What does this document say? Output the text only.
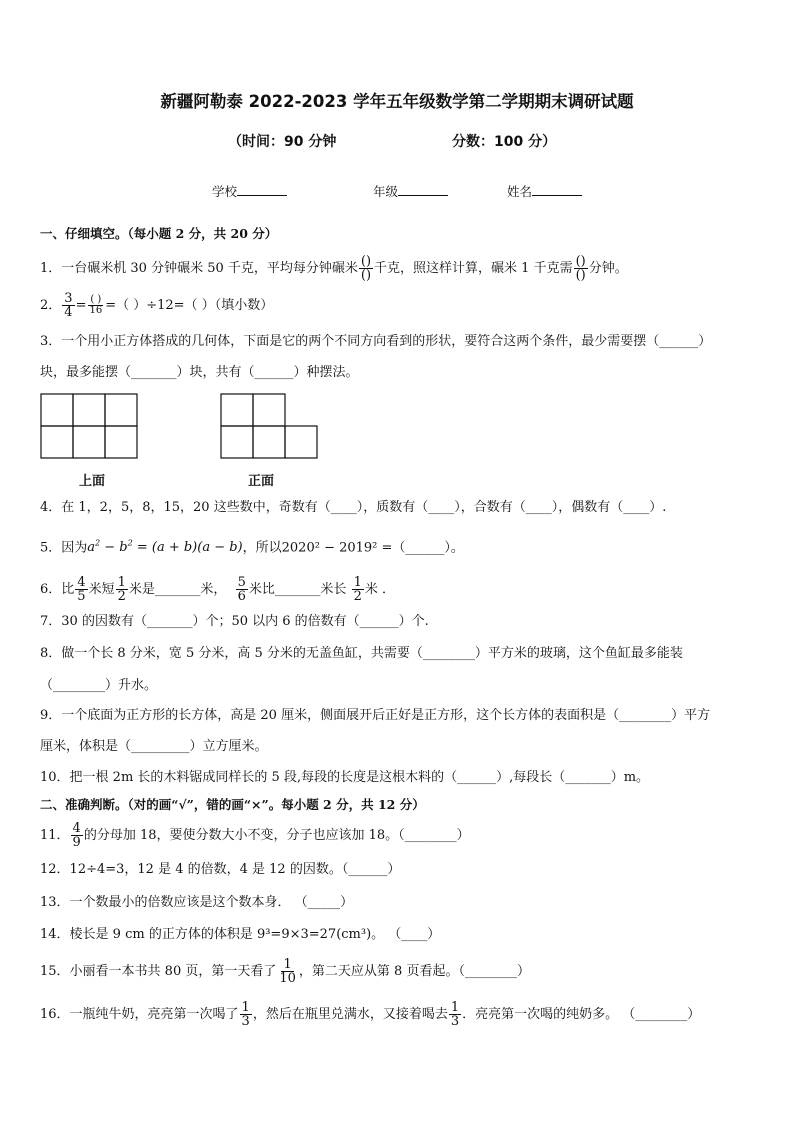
新疆阿勒泰 2022-2023 学年五年级数学第二学期期末调研试题
（时间：90 分钟	分数：100 分）
学校	年级	姓名
一、仔细填空。（每小题 2 分，共 20 分）
1．一台碾米机 30 分钟碾米 50 千克，平均每分钟碾米 $\frac{()}{()}$ 千克，照这样计算，碾米 1 千克需 $\frac{()}{()}$ 分钟。
2． $\frac{3}{4} = \frac{( )}{16}$ =（ ）÷12=（ ）（填小数）
3．一个用小正方体搭成的几何体，下面是它的两个不同方向看到的形状，要符合这两个条件，最少需要摆（______）
块，最多能摆（_______）块，共有（______）种摆法。
上面	正面
4．在 1，2，5，8，15，20 这些数中，奇数有（____），质数有（____），合数有（____），偶数有（____）.
5．因为$a^2 - b^2 = (a + b)(a - b)$，所以2020² − 2019² =（______）。
6．比 $\frac{4}{5}$ 米短 $\frac{1}{2}$ 米是_______米， $\frac{5}{6}$ 米比_______米长 $\frac{1}{2}$ 米 ．
7．30 的因数有（_______）个；50 以内 6 的倍数有（______）个.
8．做一个长 8 分米，宽 5 分米，高 5 分米的无盖鱼缸，共需要（________）平方米的玻璃，这个鱼缸最多能装
（________）升水。
9．一个底面为正方形的长方体，高是 20 厘米，侧面展开后正好是正方形，这个长方体的表面积是（________）平方
厘米，体积是（_________）立方厘米。
10．把一根 2m 长的木料锯成同样长的 5 段,每段的长度是这根木料的（______）,每段长（_______）m。
二、准确判断。（对的画“√”，错的画“×”。每小题 2 分，共 12 分）
11． $\frac{4}{9}$ 的分母加 18，要使分数大小不变，分子也应该加 18。（________）
12．12÷4=3，12 是 4 的倍数，4 是 12 的因数。（______）
13．一个数最小的倍数应该是这个数本身． （_____）
14．棱长是 9 cm 的正方体的体积是 9³=9×3=27(cm³)。 （____）
15．小丽看一本书共 80 页，第一天看了 $\frac{1}{10}$ ，第二天应从第 8 页看起。（________）
16．一瓶纯牛奶，亮亮第一次喝了 $\frac{1}{3}$ ，然后在瓶里兑满水，又接着喝去 $\frac{1}{3}$ ．亮亮第一次喝的纯奶多。 （________）
